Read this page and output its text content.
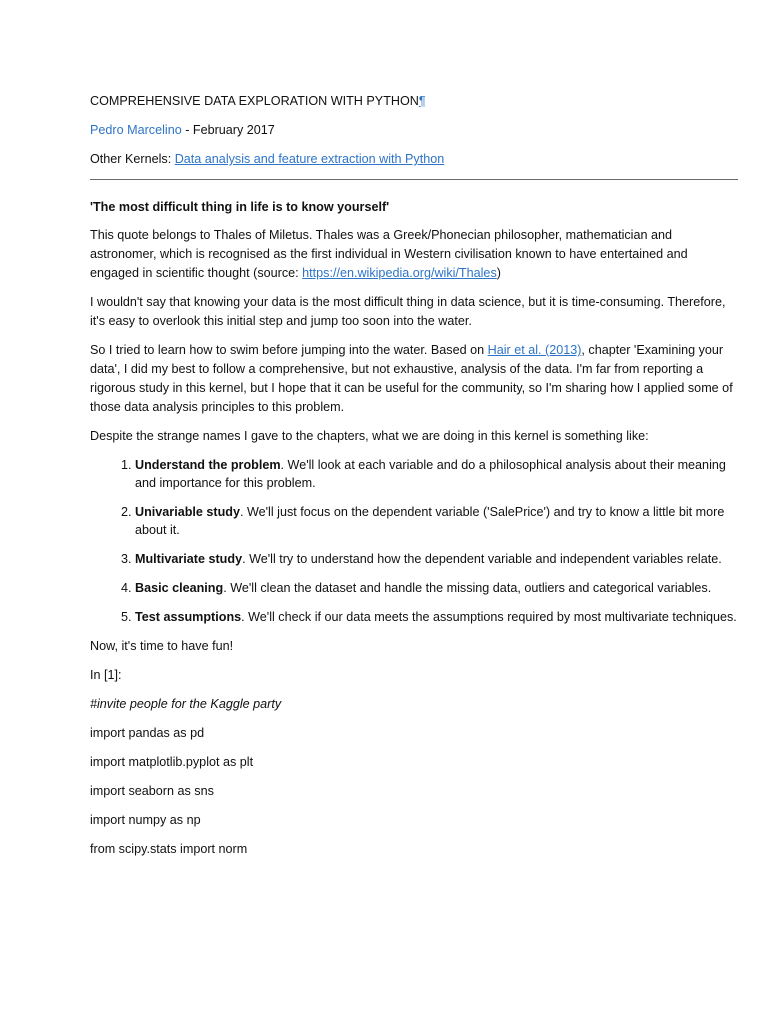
COMPREHENSIVE DATA EXPLORATION WITH PYTHON¶

Pedro Marcelino - February 2017

Other Kernels: Data analysis and feature extraction with Python

'The most difficult thing in life is to know yourself'

This quote belongs to Thales of Miletus. Thales was a Greek/Phonecian philosopher, mathematician and astronomer, which is recognised as the first individual in Western civilisation known to have entertained and engaged in scientific thought (source: https://en.wikipedia.org/wiki/Thales)

I wouldn't say that knowing your data is the most difficult thing in data science, but it is time-consuming. Therefore, it's easy to overlook this initial step and jump too soon into the water.

So I tried to learn how to swim before jumping into the water. Based on Hair et al. (2013), chapter 'Examining your data', I did my best to follow a comprehensive, but not exhaustive, analysis of the data. I'm far from reporting a rigorous study in this kernel, but I hope that it can be useful for the community, so I'm sharing how I applied some of those data analysis principles to this problem.

Despite the strange names I gave to the chapters, what we are doing in this kernel is something like:

1. Understand the problem. We'll look at each variable and do a philosophical analysis about their meaning and importance for this problem.
2. Univariable study. We'll just focus on the dependent variable ('SalePrice') and try to know a little bit more about it.
3. Multivariate study. We'll try to understand how the dependent variable and independent variables relate.
4. Basic cleaning. We'll clean the dataset and handle the missing data, outliers and categorical variables.
5. Test assumptions. We'll check if our data meets the assumptions required by most multivariate techniques.

Now, it's time to have fun!

In [1]:

#invite people for the Kaggle party

import pandas as pd

import matplotlib.pyplot as plt

import seaborn as sns

import numpy as np

from scipy.stats import norm
